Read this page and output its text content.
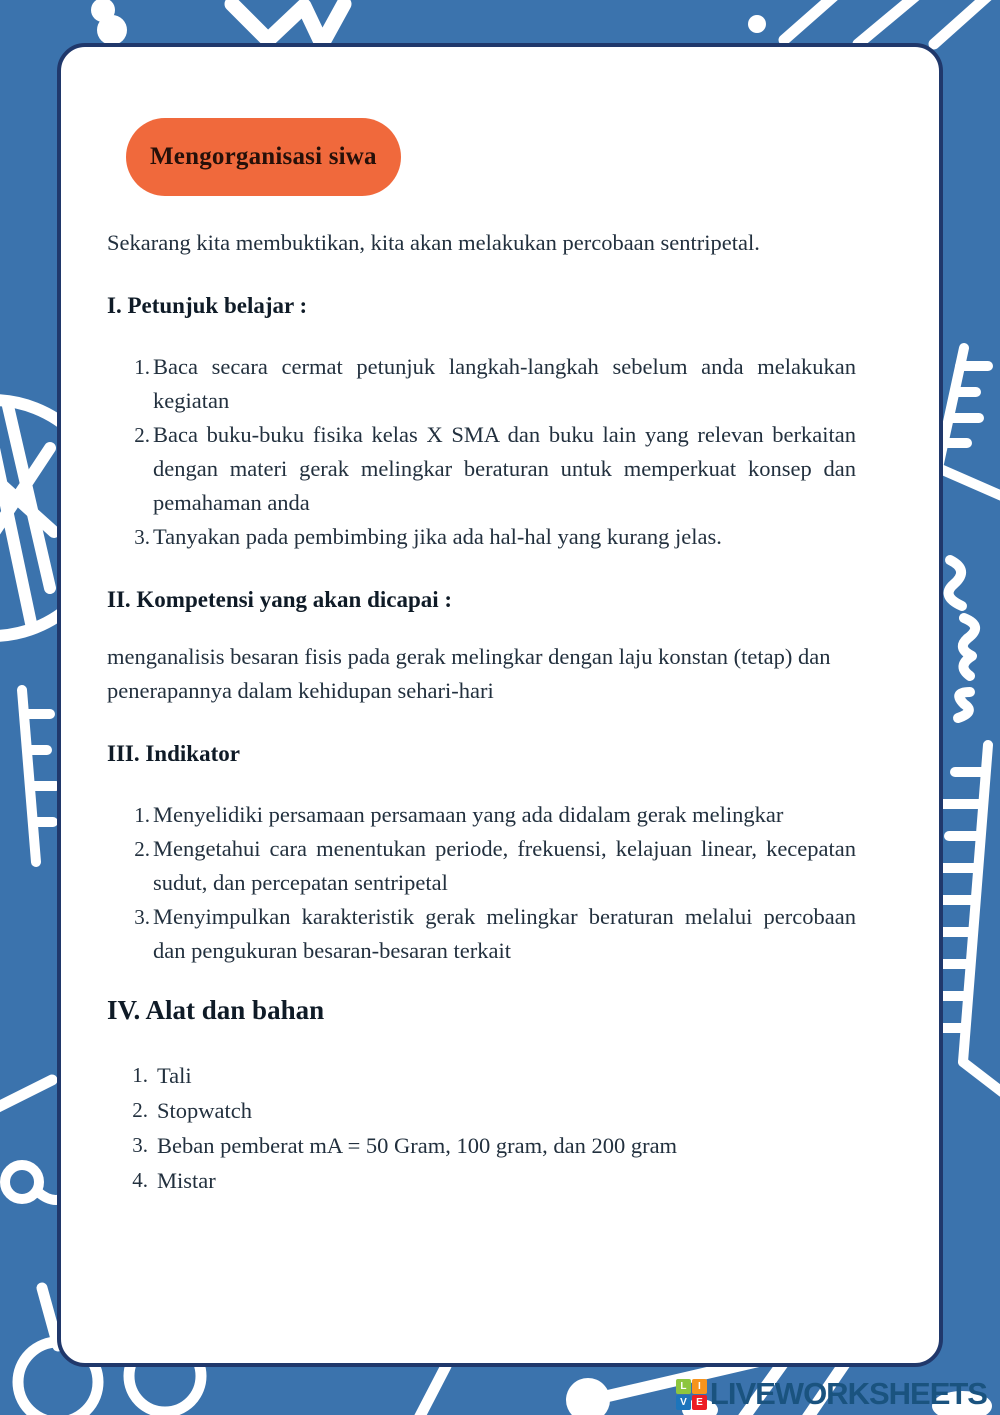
Mengorganisasi siwa

Sekarang kita membuktikan, kita akan melakukan percobaan sentripetal.

I. Petunjuk belajar :
Baca secara cermat petunjuk langkah-langkah sebelum anda melakukan kegiatan
Baca buku-buku fisika kelas X SMA dan buku lain yang relevan berkaitan dengan materi gerak melingkar beraturan untuk memperkuat konsep dan pemahaman anda
Tanyakan pada pembimbing jika ada hal-hal yang kurang jelas.
II. Kompetensi yang akan dicapai :

menganalisis besaran fisis pada gerak melingkar dengan laju konstan (tetap) dan penerapannya dalam kehidupan sehari-hari

III. Indikator
Menyelidiki persamaan persamaan yang ada didalam gerak melingkar
Mengetahui cara menentukan periode, frekuensi, kelajuan linear, kecepatan sudut, dan percepatan sentripetal
Menyimpulkan karakteristik gerak melingkar beraturan melalui percobaan dan pengukuran besaran-besaran terkait
IV. Alat dan bahan
Tali
Stopwatch
Beban pemberat mA = 50 Gram, 100 gram, dan 200 gram
Mistar
L	I
V E LIVEWORKSHEETS
